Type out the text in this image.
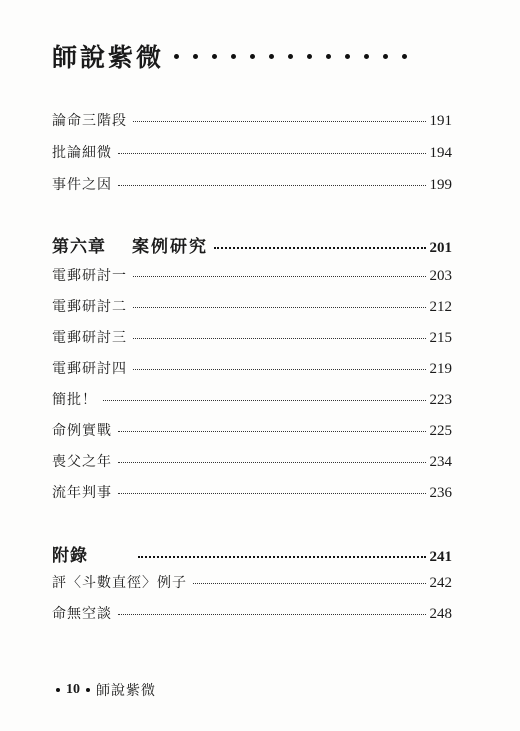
師說紫微
論命三階段	191
批論細微	194
事件之因	199
第六章	案例研究	201
電郵研討一	203
電郵研討二	212
電郵研討三	215
電郵研討四	219
簡批！	223
命例實戰	225
喪父之年	234
流年判事	236
附錄	241
評〈斗數直徑〉例子	242
命無空談	248
10 師說紫微
